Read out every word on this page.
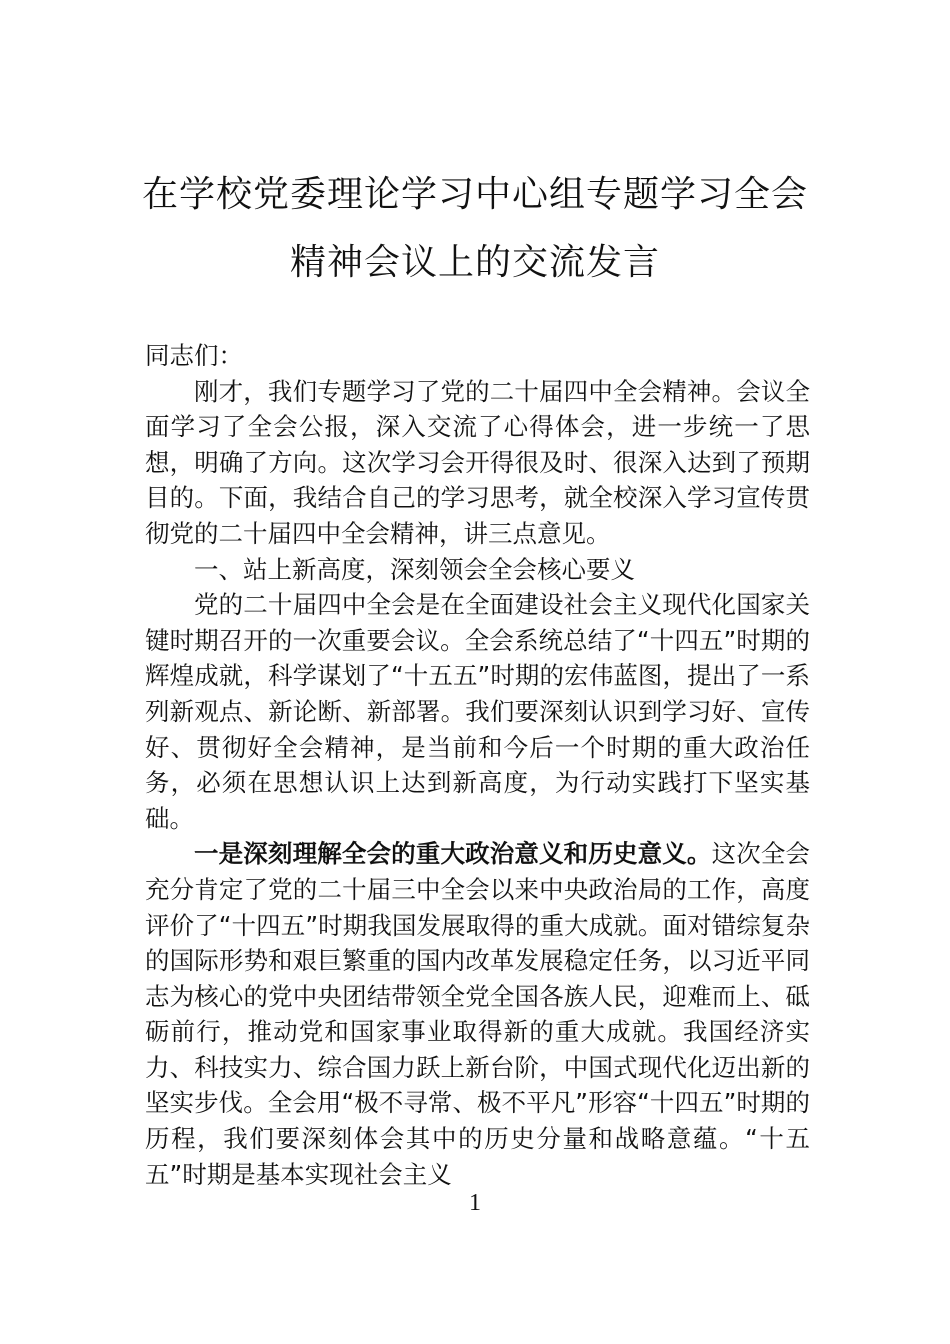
在学校党委理论学习中心组专题学习全会
精神会议上的交流发言

同志们：

刚才，我们专题学习了党的二十届四中全会精神。会议全面学习了全会公报，深入交流了心得体会，进一步统一了思想，明确了方向。这次学习会开得很及时、很深入达到了预期目的。下面，我结合自己的学习思考，就全校深入学习宣传贯彻党的二十届四中全会精神，讲三点意见。

一、站上新高度，深刻领会全会核心要义

党的二十届四中全会是在全面建设社会主义现代化国家关键时期召开的一次重要会议。全会系统总结了“十四五”时期的辉煌成就，科学谋划了“十五五”时期的宏伟蓝图，提出了一系列新观点、新论断、新部署。我们要深刻认识到学习好、宣传好、贯彻好全会精神，是当前和今后一个时期的重大政治任务，必须在思想认识上达到新高度，为行动实践打下坚实基础。

一是深刻理解全会的重大政治意义和历史意义。这次全会充分肯定了党的二十届三中全会以来中央政治局的工作，高度评价了“十四五”时期我国发展取得的重大成就。面对错综复杂的国际形势和艰巨繁重的国内改革发展稳定任务，以习近平同志为核心的党中央团结带领全党全国各族人民，迎难而上、砥砺前行，推动党和国家事业取得新的重大成就。我国经济实力、科技实力、综合国力跃上新台阶，中国式现代化迈出新的坚实步伐。全会用“极不寻常、极不平凡”形容“十四五”时期的历程，我们要深刻体会其中的历史分量和战略意蕴。“十五五”时期是基本实现社会主义

1
